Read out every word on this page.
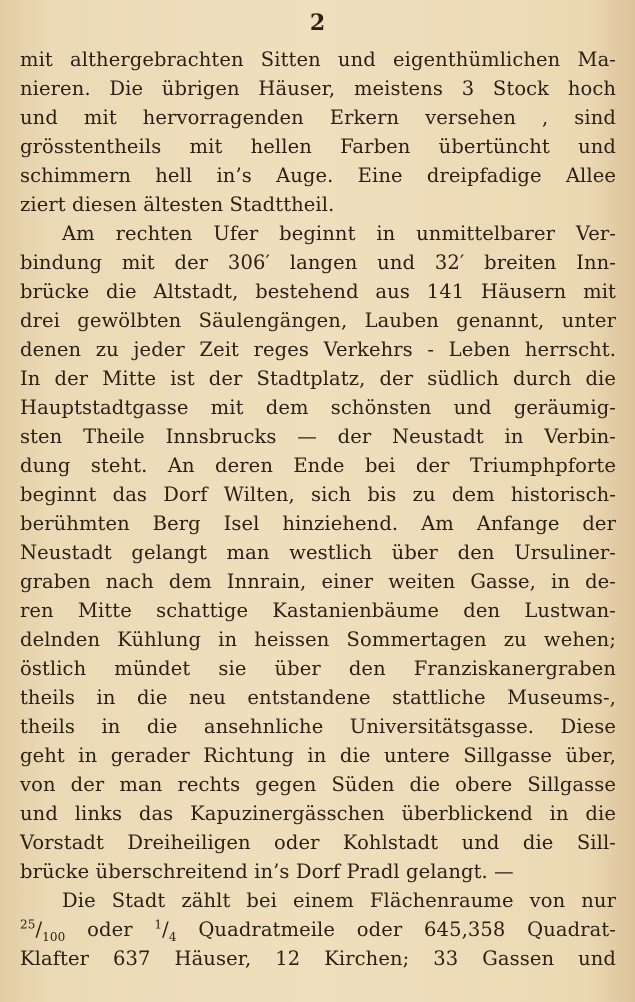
2
mit althergebrachten Sitten und eigenthümlichen Ma-
nieren. Die übrigen Häuser, meistens 3 Stock hoch
und mit hervorragenden Erkern versehen , sind
grösstentheils mit hellen Farben übertüncht und
schimmern hell in’s Auge. Eine dreipfadige Allee
ziert diesen ältesten Stadttheil.
Am rechten Ufer beginnt in unmittelbarer Ver-
bindung mit der 306′ langen und 32′ breiten Inn-
brücke die Altstadt, bestehend aus 141 Häusern mit
drei gewölbten Säulengängen, Lauben genannt, unter
denen zu jeder Zeit reges Verkehrs - Leben herrscht.
In der Mitte ist der Stadtplatz, der südlich durch die
Hauptstadtgasse mit dem schönsten und geräumig-
sten Theile Innsbrucks — der Neustadt in Verbin-
dung steht. An deren Ende bei der Triumphpforte
beginnt das Dorf Wilten, sich bis zu dem historisch-
berühmten Berg Isel hinziehend. Am Anfange der
Neustadt gelangt man westlich über den Ursuliner-
graben nach dem Innrain, einer weiten Gasse, in de-
ren Mitte schattige Kastanienbäume den Lustwan-
delnden Kühlung in heissen Sommertagen zu wehen;
östlich mündet sie über den Franziskanergraben
theils in die neu entstandene stattliche Museums-,
theils in die ansehnliche Universitätsgasse. Diese
geht in gerader Richtung in die untere Sillgasse über,
von der man rechts gegen Süden die obere Sillgasse
und links das Kapuzinergässchen überblickend in die
Vorstadt Dreiheiligen oder Kohlstadt und die Sill-
brücke überschreitend in’s Dorf Pradl gelangt. —
Die Stadt zählt bei einem Flächenraume von nur
$^{25}/_{100}$ oder $^1/_4$ Quadratmeile oder 645,358 Quadrat-
Klafter 637 Häuser, 12 Kirchen; 33 Gassen und
